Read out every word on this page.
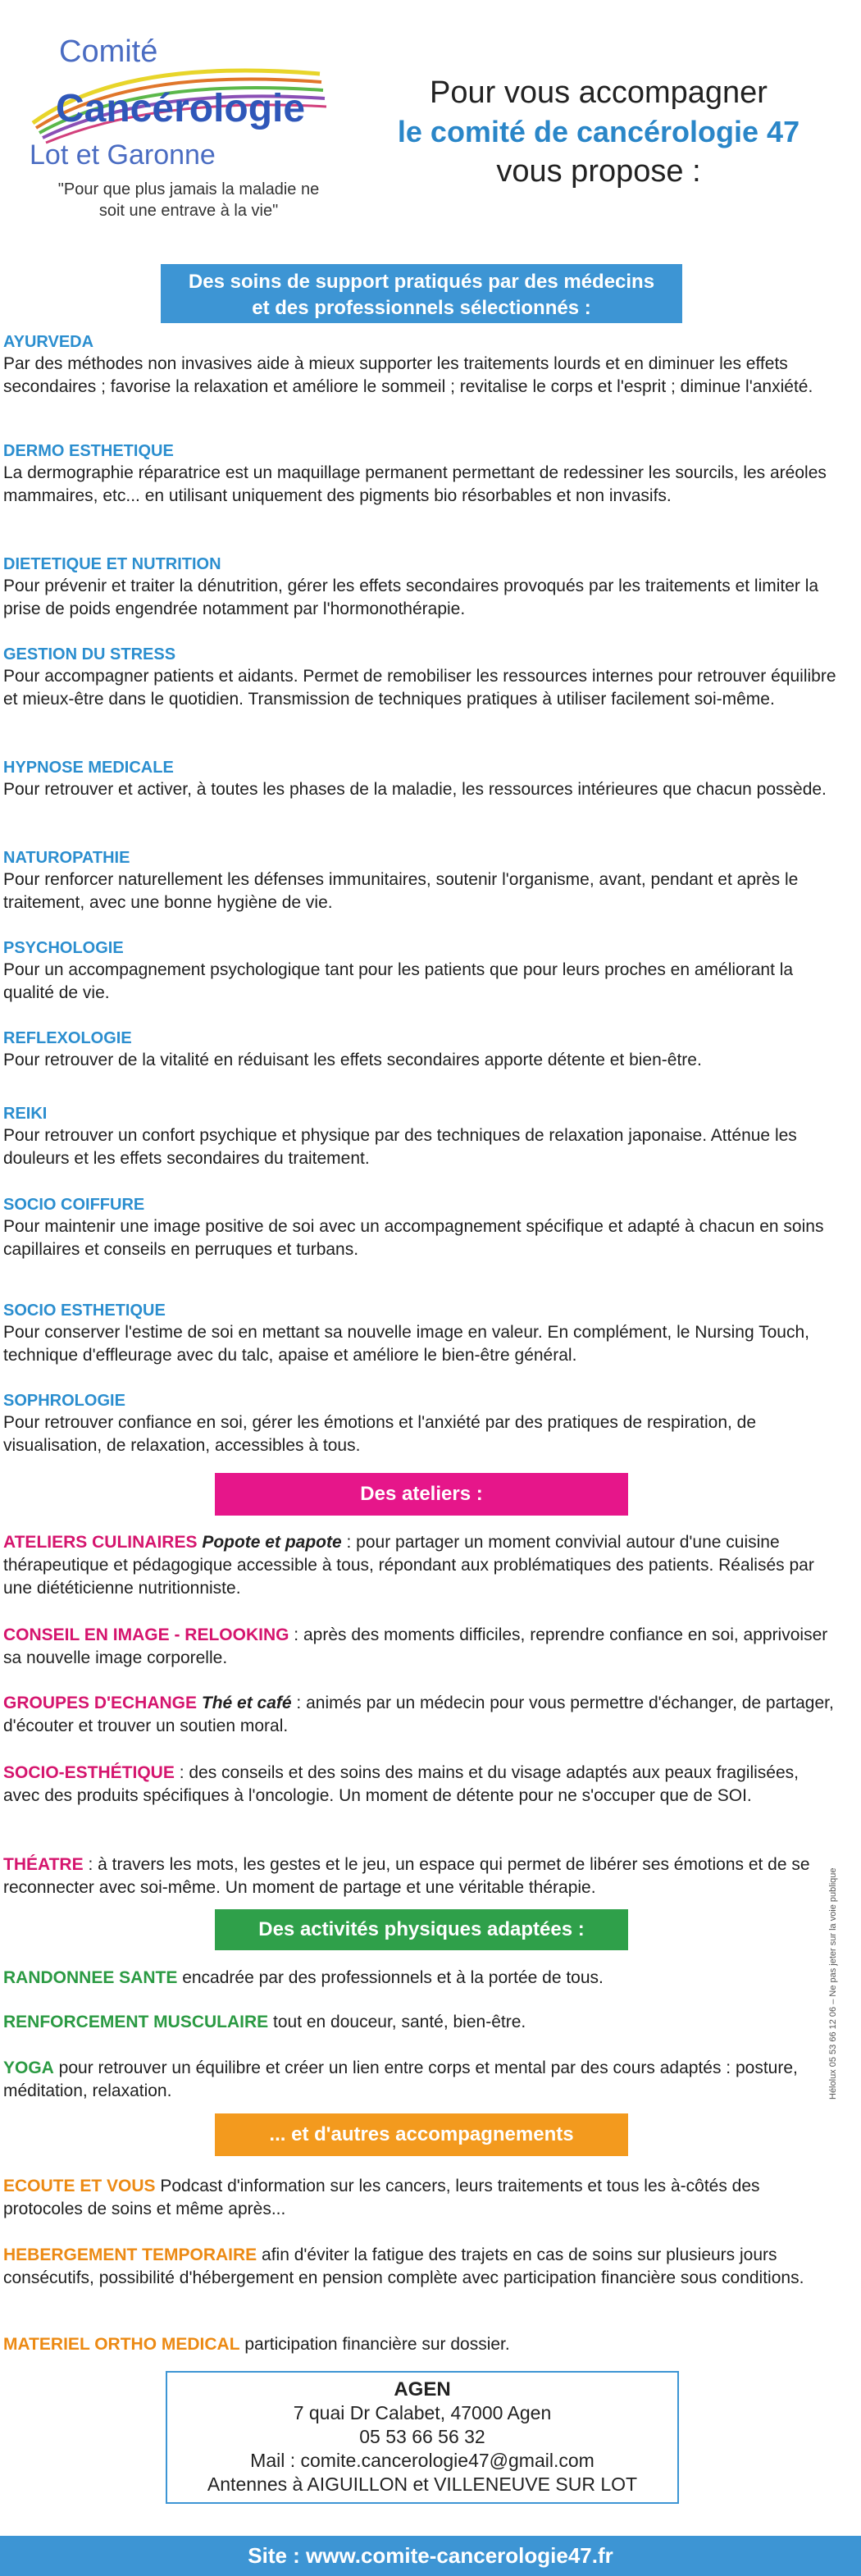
Comité
Cancérologie
Lot et Garonne
"Pour que plus jamais la maladie ne soit une entrave à la vie"
Pour vous accompagner
le comité de cancérologie 47
vous propose :
Des soins de support pratiqués par des médecins
et des professionnels sélectionnés :
AYURVEDA
Par des méthodes non invasives aide à mieux supporter les traitements lourds et en diminuer les effets secondaires ; favorise la relaxation et améliore le sommeil ; revitalise le corps et l'esprit ; diminue l'anxiété.
DERMO ESTHETIQUE
La dermographie réparatrice est un maquillage permanent permettant de redessiner les sourcils, les aréoles mammaires, etc... en utilisant uniquement des pigments bio résorbables et non invasifs.
DIETETIQUE ET NUTRITION
Pour prévenir et traiter la dénutrition, gérer les effets secondaires provoqués par les traitements et limiter la prise de poids engendrée notamment par l'hormonothérapie.
GESTION DU STRESS
Pour accompagner patients et aidants. Permet de remobiliser les ressources internes pour retrouver équilibre et mieux-être dans le quotidien. Transmission de techniques pratiques à utiliser facilement soi-même.
HYPNOSE MEDICALE
Pour retrouver et activer, à toutes les phases de la maladie, les ressources intérieures que chacun possède.
NATUROPATHIE
Pour renforcer naturellement les défenses immunitaires, soutenir l'organisme, avant, pendant et après le traitement, avec une bonne hygiène de vie.
PSYCHOLOGIE
Pour un accompagnement psychologique tant pour les patients que pour leurs proches en améliorant la qualité de vie.
REFLEXOLOGIE
Pour retrouver de la vitalité en réduisant les effets secondaires apporte détente et bien-être.
REIKI
Pour retrouver un confort psychique et physique par des techniques de relaxation japonaise. Atténue les douleurs et les effets secondaires du traitement.
SOCIO COIFFURE
Pour maintenir une image positive de soi avec un accompagnement spécifique et adapté à chacun en soins capillaires et conseils en perruques et turbans.
SOCIO ESTHETIQUE
Pour conserver l'estime de soi en mettant sa nouvelle image en valeur. En complément, le Nursing Touch, technique d'effleurage avec du talc, apaise et améliore le bien-être général.
SOPHROLOGIE
Pour retrouver confiance en soi, gérer les émotions et l'anxiété par des pratiques de respiration, de visualisation, de relaxation, accessibles à tous.
Des ateliers :
ATELIERS CULINAIRES Popote et papote : pour partager un moment convivial autour d'une cuisine thérapeutique et pédagogique accessible à tous, répondant aux problématiques des patients. Réalisés par une diététicienne nutritionniste.
CONSEIL EN IMAGE - RELOOKING : après des moments difficiles, reprendre confiance en soi, apprivoiser sa nouvelle image corporelle.
GROUPES D'ECHANGE Thé et café : animés par un médecin pour vous permettre d'échanger, de partager, d'écouter et trouver un soutien moral.
SOCIO-ESTHÉTIQUE : des conseils et des soins des mains et du visage adaptés aux peaux fragilisées, avec des produits spécifiques à l'oncologie. Un moment de détente pour ne s'occuper que de SOI.
THÉATRE : à travers les mots, les gestes et le jeu, un espace qui permet de libérer ses émotions et de se reconnecter avec soi-même. Un moment de partage et une véritable thérapie.
Des activités physiques adaptées :
RANDONNEE SANTE encadrée par des professionnels et à la portée de tous.
RENFORCEMENT MUSCULAIRE tout en douceur, santé, bien-être.
YOGA pour retrouver un équilibre et créer un lien entre corps et mental par des cours adaptés : posture, méditation, relaxation.
... et d'autres accompagnements
ECOUTE ET VOUS Podcast d'information sur les cancers, leurs traitements et tous les à-côtés des protocoles de soins et même après...
HEBERGEMENT TEMPORAIRE afin d'éviter la fatigue des trajets en cas de soins sur plusieurs jours consécutifs, possibilité d'hébergement en pension complète avec participation financière sous conditions.
MATERIEL ORTHO MEDICAL participation financière sur dossier.
AGEN
7 quai Dr Calabet, 47000 Agen
05 53 66 56 32
Mail : comite.cancerologie47@gmail.com
Antennes à AIGUILLON et VILLENEUVE SUR LOT
Site : www.comite-cancerologie47.fr
Hélolux 05 53 66 12 06 – Ne pas jeter sur la voie publique
